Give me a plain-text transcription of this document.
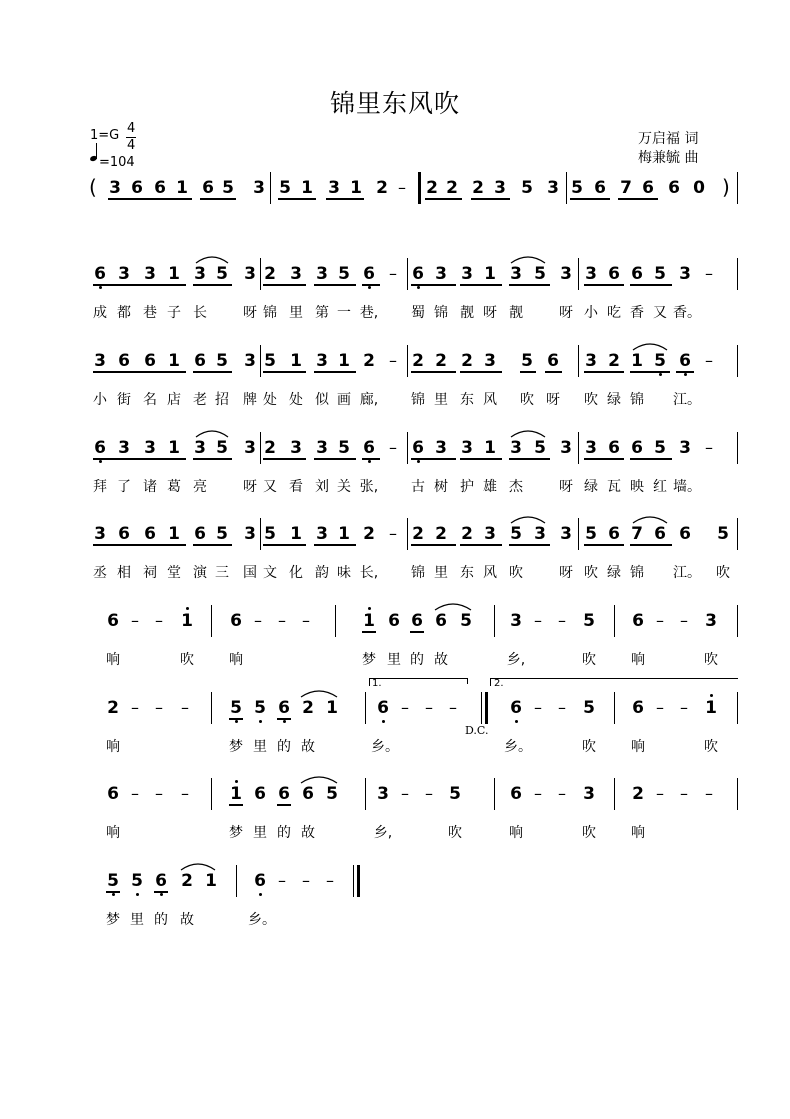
锦里东风吹
1=G 4
4
=104
万启福 词
梅兼毓 曲
( 3 6 6 1 6 5 3 5 1 3 1 2 – 2 2 2 3 5 3 5 6 7 6 6 0 )
6 3 3 1 3 5 3 2 3 3 5 6 – 6 3 3 1 3 5 3 3 6 6 5 3 –
3 6 6 1 6 5 3 5 1 3 1 2 – 2 2 2 3 5 6 3 2 1 5 6 –
6 3 3 1 3 5 3 2 3 3 5 6 – 6 3 3 1 3 5 3 3 6 6 5 3 –
3 6 6 1 6 5 3 5 1 3 1 2 – 2 2 2 3 5 3 3 5 6 7 6 6 5
成 都 巷 子 长	呀 锦 里 第 一 巷,	蜀 锦 靓 呀 靓	呀 小 吃 香 又 香。
小 街 名 店 老 招	牌 处 处 似 画 廊,	锦 里 东 风	吹 呀	吹 绿 锦	江。
拜 了 诸 葛 亮	呀 又 看 刘 关 张,	古 树 护 雄 杰	呀 绿 瓦 映 红 墙。
丞 相 祠 堂 演 三	国 文 化 韵 味 长,	锦 里 东 风 吹	呀 吹 绿 锦	江。	吹
6 – – 1 6 – – –	1 6 6 6 5 3 – – 5 6 – – 3
响	吹	响	梦 里 的 故	乡,	吹	响	吹
2 – – – 5 5 6 2 1 6 – – –	6 – – 5 6 – – 1
1.	2.
D.C.
响	梦 里 的 故	乡。	乡。	吹	响	吹
6 – – – 1 6 6 6 5 3 – – 5	6 – – 3 2 – – –
响	梦 里 的 故	乡,	吹	响	吹	响
5 5 6 2 1 6 – – –
梦 里 的 故	乡。
